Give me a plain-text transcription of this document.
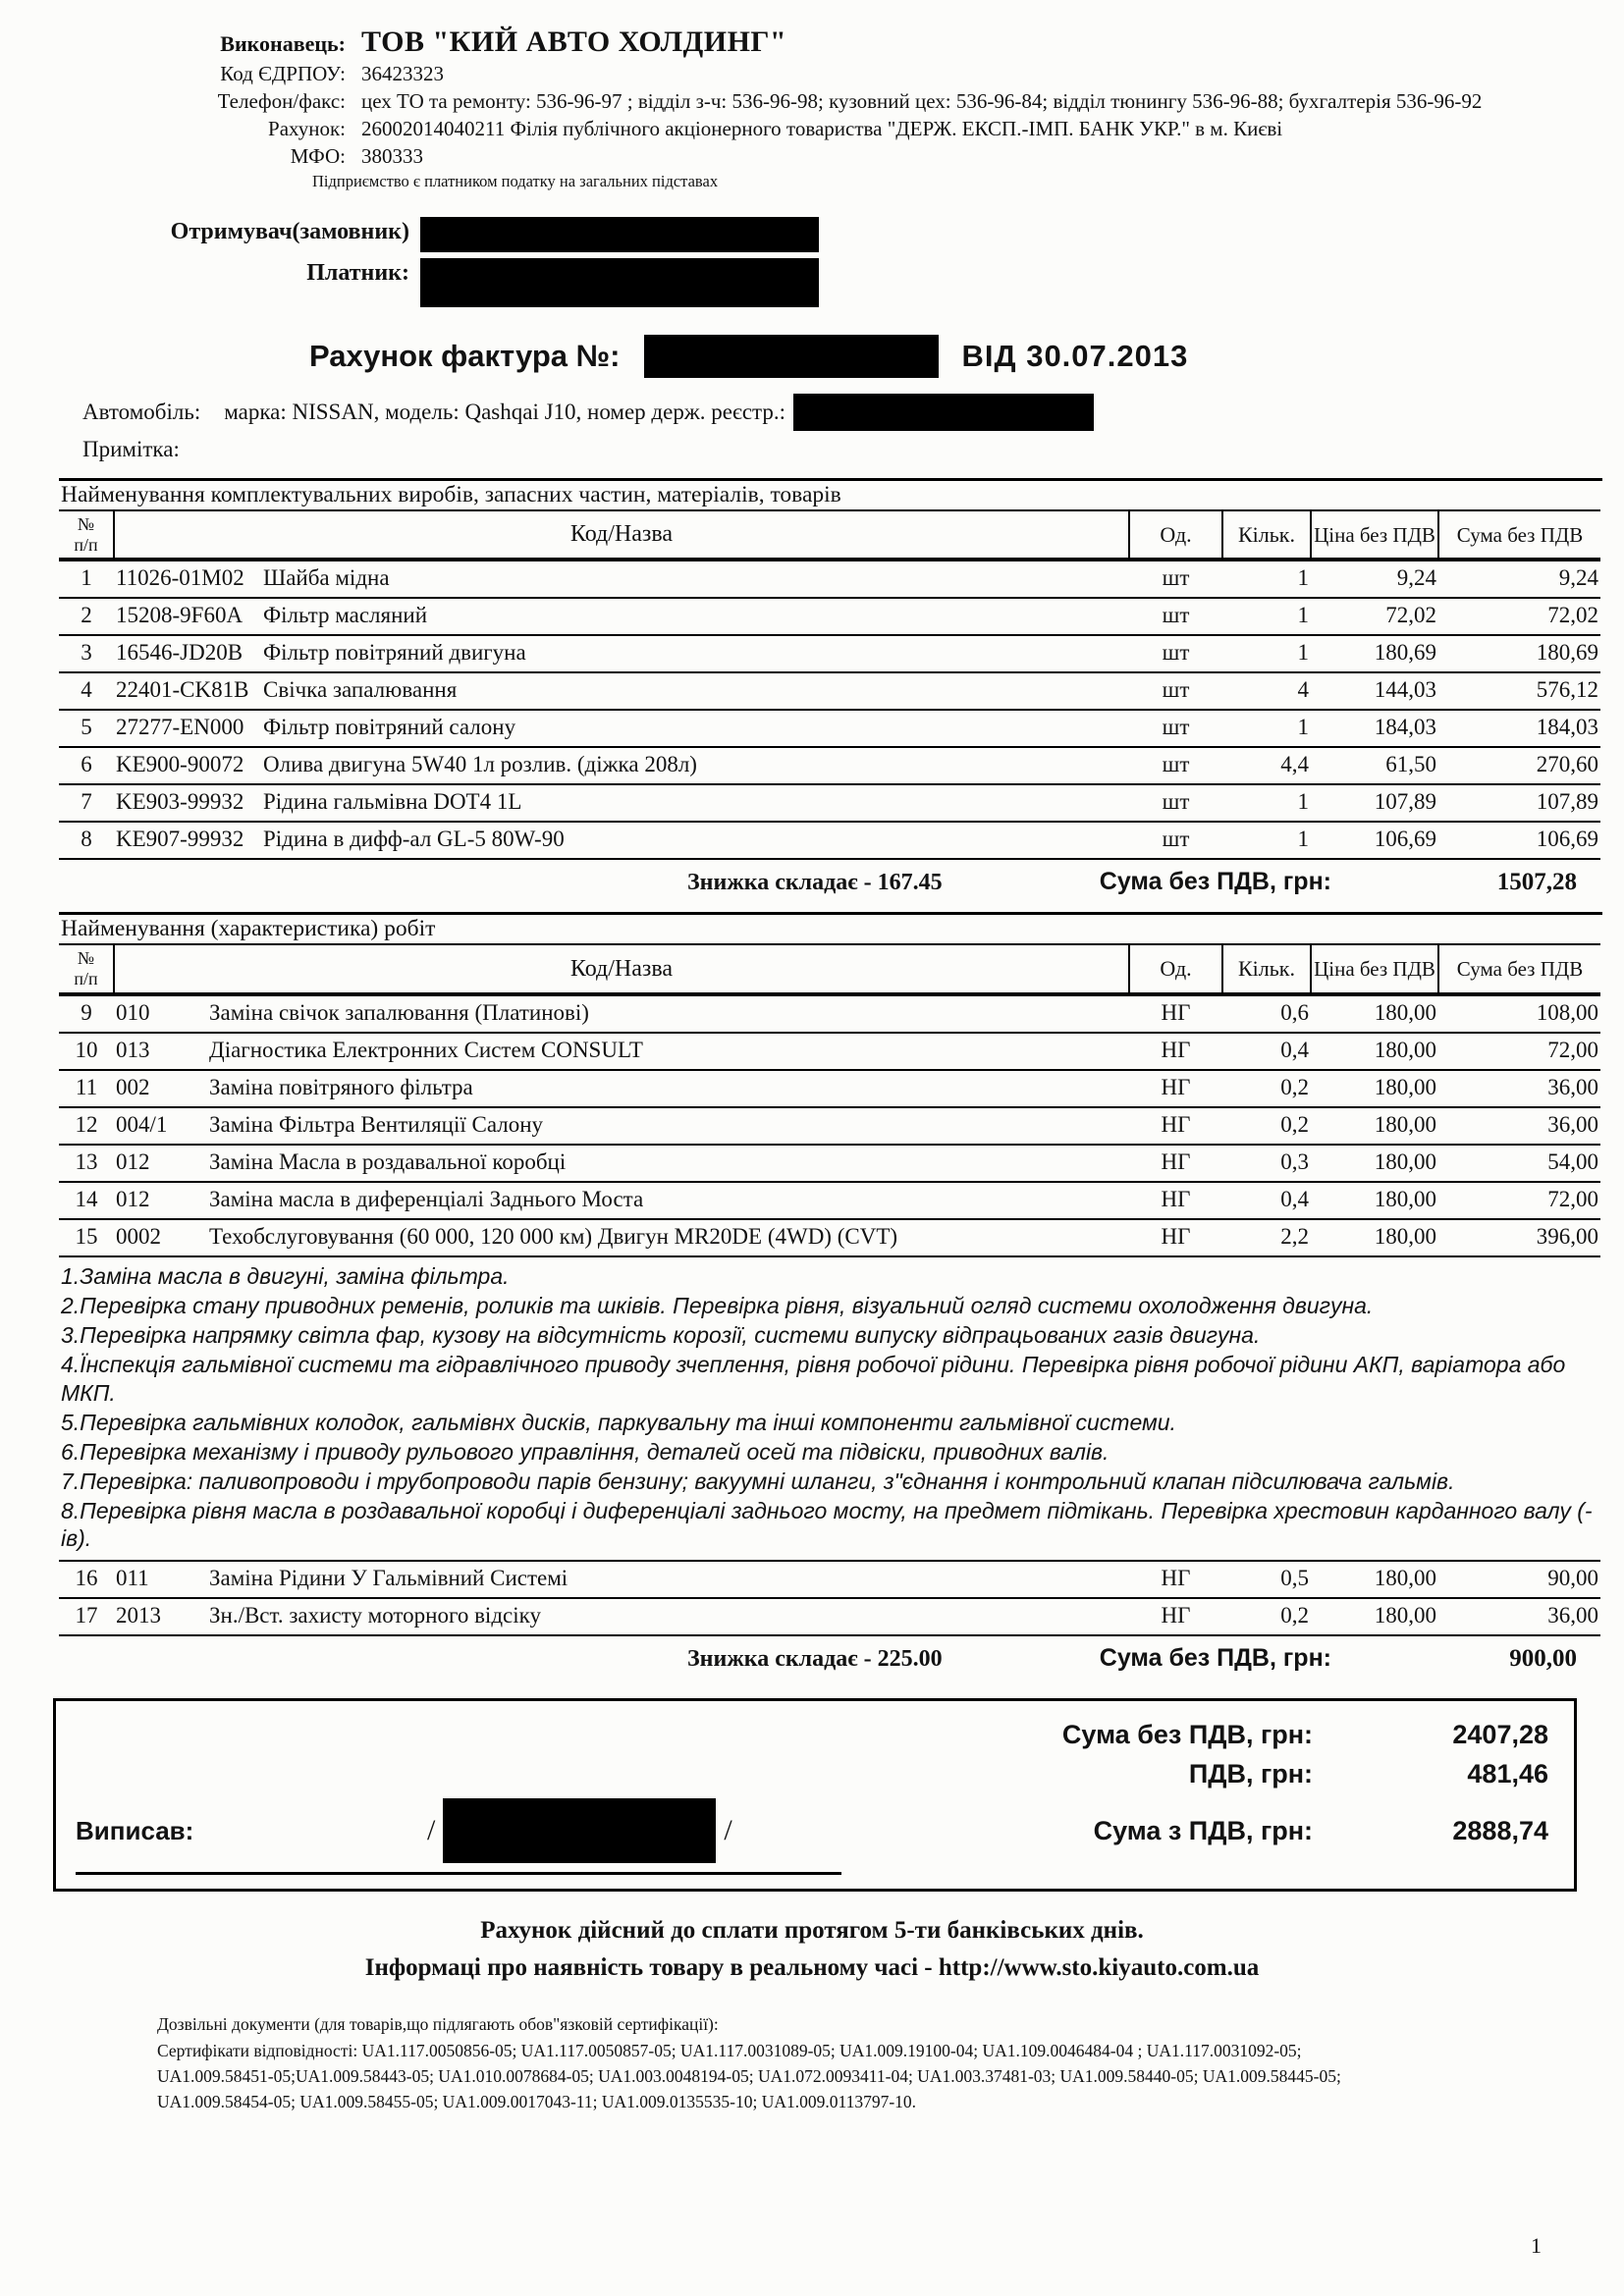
Виконавець: ТОВ "КИЙ АВТО ХОЛДИНГ"
Код ЄДРПОУ: 36423323
Телефон/факс: цех ТО та ремонту: 536-96-97 ; відділ з-ч: 536-96-98; кузовний цех: 536-96-84; відділ тюнингу 536-96-88; бухгалтерія 536-96-92
Рахунок: 26002014040211 Філія публічного акціонерного товариства "ДЕРЖ. ЕКСП.-ІМП. БАНК УКР." в м. Києві
МФО: 380333
Підприємство є платником податку на загальних підставах
Отримувач(замовник)
Платник:
Рахунок фактура №:	ВІД 30.07.2013
Автомобіль:	марка: NISSAN, модель: Qashqai J10, номер держ. реєстр.:
Примітка:
Найменування комплектувальних виробів, запасних частин, матеріалів, товарів
№
п/п	Код/Назва	Од.	Кільк.	Ціна без ПДВ	Сума без ПДВ
1	11026-01M02 Шайба мідна	шт	1	9,24	9,24
2	15208-9F60A Фільтр масляний	шт	1	72,02	72,02
3	16546-JD20B Фільтр повітряний двигуна	шт	1	180,69	180,69
4	22401-CK81B Свічка запалювання	шт	4	144,03	576,12
5	27277-EN000 Фільтр повітряний салону	шт	1	184,03	184,03
6	KE900-90072 Олива двигуна 5W40 1л розлив. (діжка 208л)	шт	4,4	61,50	270,60
7	KE903-99932 Рідина гальмівна DOT4 1L	шт	1	107,89	107,89
8	KE907-99932 Рідина в дифф-ал GL-5 80W-90	шт	1	106,69	106,69
Знижка складає - 167.45	Сума без ПДВ, грн:	1507,28
Найменування (характеристика) робіт
№
п/п	Код/Назва	Од.	Кільк.	Ціна без ПДВ	Сума без ПДВ
9	010 Заміна свічок запалювання (Платинові)	НГ	0,6	180,00	108,00
10	013 Діагностика Електронних Систем CONSULT	НГ	0,4	180,00	72,00
11	002 Заміна повітряного фільтра	НГ	0,2	180,00	36,00
12	004/1 Заміна Фільтра Вентиляції Салону	НГ	0,2	180,00	36,00
13	012 Заміна Масла в роздавальної коробці	НГ	0,3	180,00	54,00
14	012 Заміна масла в диференціалі Заднього Моста	НГ	0,4	180,00	72,00
15	0002 Техобслуговування (60 000, 120 000 км) Двигун MR20DE (4WD) (CVT)	НГ	2,2	180,00	396,00

1.Заміна масла в двигуні, заміна фільтра.
2.Перевірка стану приводних ременів, роликів та шківів. Перевірка рівня, візуальний огляд системи охолодження двигуна.
3.Перевірка напрямку світла фар, кузову на відсутність корозії, системи випуску відпрацьованих газів двигуна.
4.Їнспекція гальмівної системи та гідравлічного приводу зчеплення, рівня робочої рідини. Перевірка рівня робочої рідини АКП, варіатора або МКП.
5.Перевірка гальмівних колодок, гальмівнх дисків, паркувальну та інші компоненти гальмівної системи.
6.Перевірка механізму і приводу рульового управління, деталей осей та підвіски, приводних валів.
7.Перевірка: паливопроводи і трубопроводи парів бензину; вакуумні шланги, з"єднання і контрольний клапан підсилювача гальмів.
8.Перевірка рівня масла в роздавальної коробці і диференціалі заднього мосту, на предмет підтікань. Перевірка хрестовин карданного валу (-ів).

16	011 Заміна Рідини У Гальмівний Системі	НГ	0,5	180,00	90,00
17	2013 Зн./Вст. захисту моторного відсіку	НГ	0,2	180,00	36,00
Знижка складає - 225.00	Сума без ПДВ, грн:	900,00
Сума без ПДВ, грн:	2407,28
ПДВ, грн:	481,46
Виписав:	/	/	Сума з ПДВ, грн:	2888,74
Рахунок дійсний до сплати протягом 5-ти банківських днів.
Інформаці про наявність товару в реальному часі - http://www.sto.kiyauto.com.ua
Дозвільні документи (для товарів,що підлягають обов"язковій сертифікації):
Сертифікати відповідності: UA1.117.0050856-05; UA1.117.0050857-05; UA1.117.0031089-05; UA1.009.19100-04; UA1.109.0046484-04 ; UA1.117.0031092-05;
UA1.009.58451-05;UA1.009.58443-05; UA1.010.0078684-05; UA1.003.0048194-05; UA1.072.0093411-04; UA1.003.37481-03; UA1.009.58440-05; UA1.009.58445-05;
UA1.009.58454-05; UA1.009.58455-05; UA1.009.0017043-11; UA1.009.0135535-10; UA1.009.0113797-10.
1
